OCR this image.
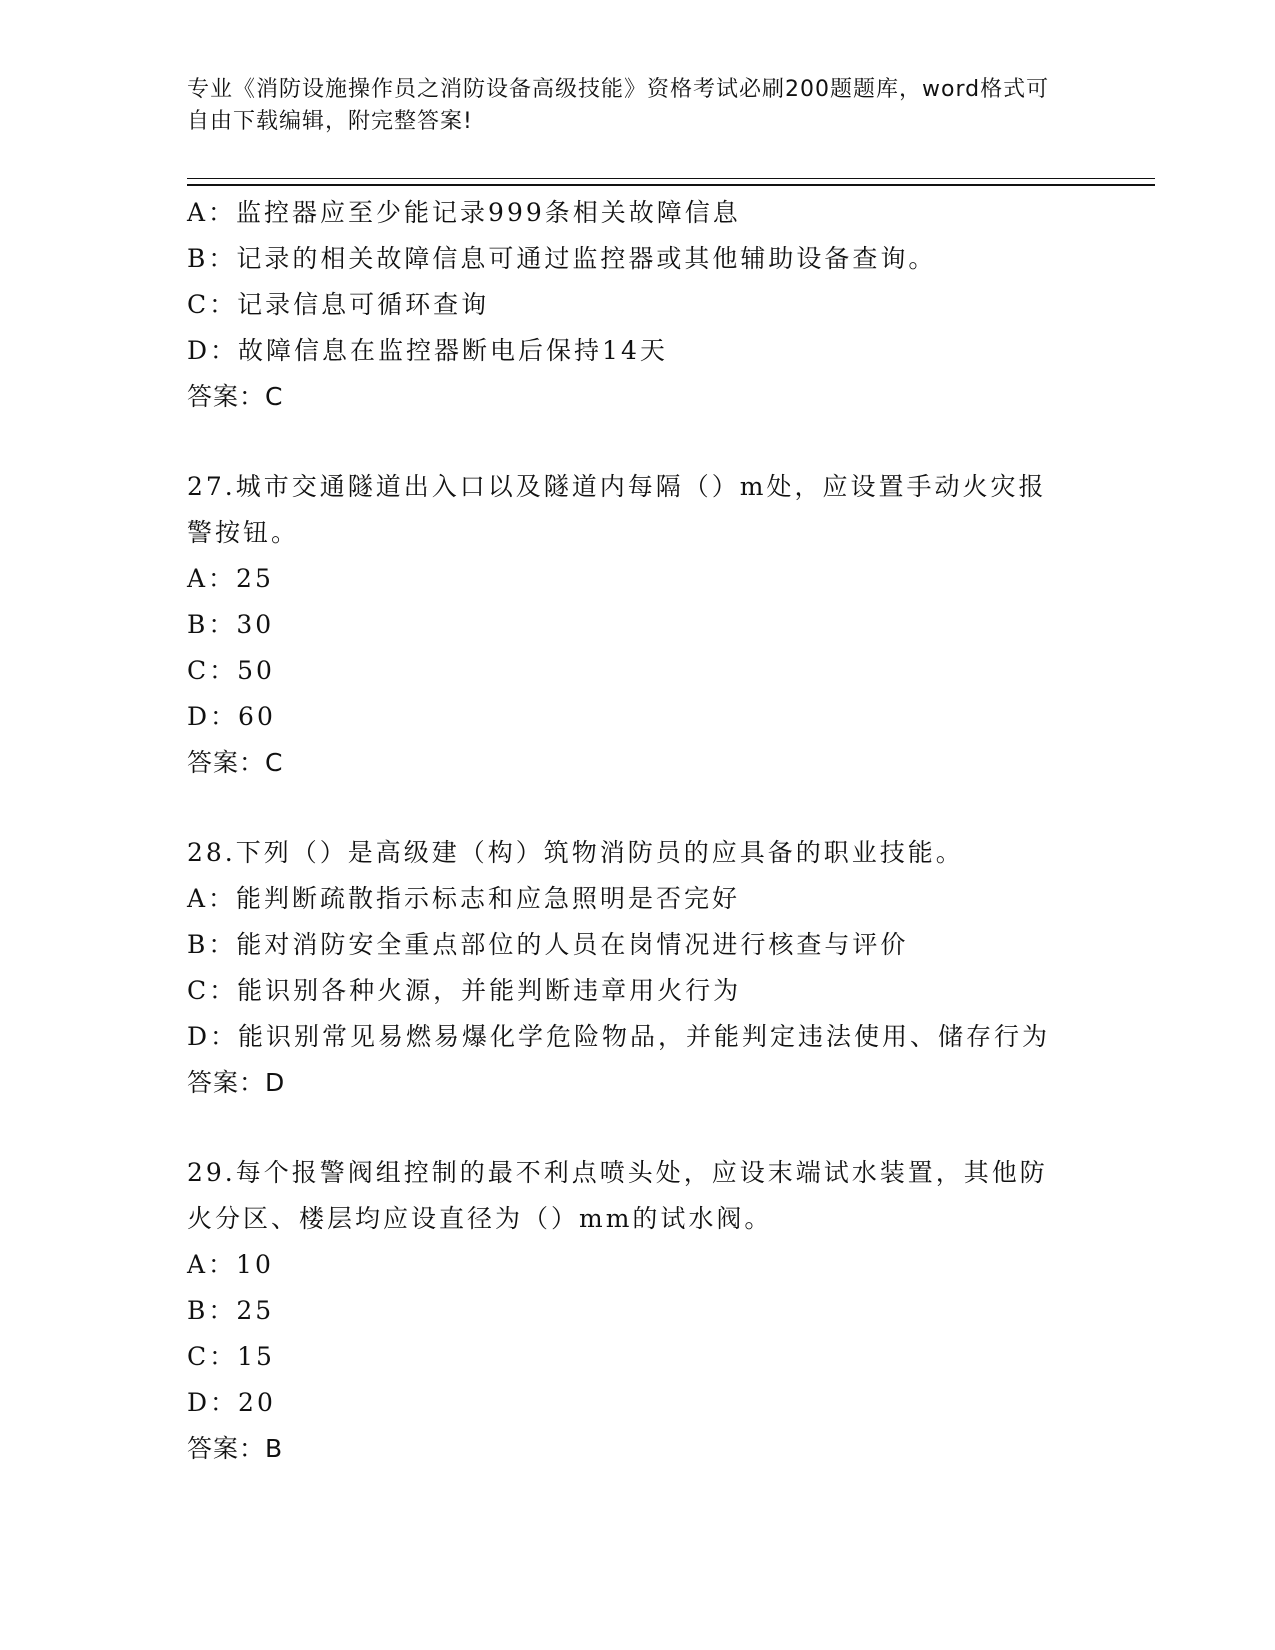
专业《消防设施操作员之消防设备高级技能》资格考试必刷200题题库，word格式可自由下载编辑，附完整答案!
A：监控器应至少能记录999条相关故障信息
B：记录的相关故障信息可通过监控器或其他辅助设备查询。
C：记录信息可循环查询
D：故障信息在监控器断电后保持14天
答案：C
27.城市交通隧道出入口以及隧道内每隔（）m处，应设置手动火灾报警按钮。
A：25
B：30
C：50
D：60
答案：C
28.下列（）是高级建（构）筑物消防员的应具备的职业技能。
A：能判断疏散指示标志和应急照明是否完好
B：能对消防安全重点部位的人员在岗情况进行核查与评价
C：能识别各种火源，并能判断违章用火行为
D：能识别常见易燃易爆化学危险物品，并能判定违法使用、储存行为
答案：D
29.每个报警阀组控制的最不利点喷头处，应设末端试水装置，其他防火分区、楼层均应设直径为（）mm的试水阀。
A：10
B：25
C：15
D：20
答案：B
